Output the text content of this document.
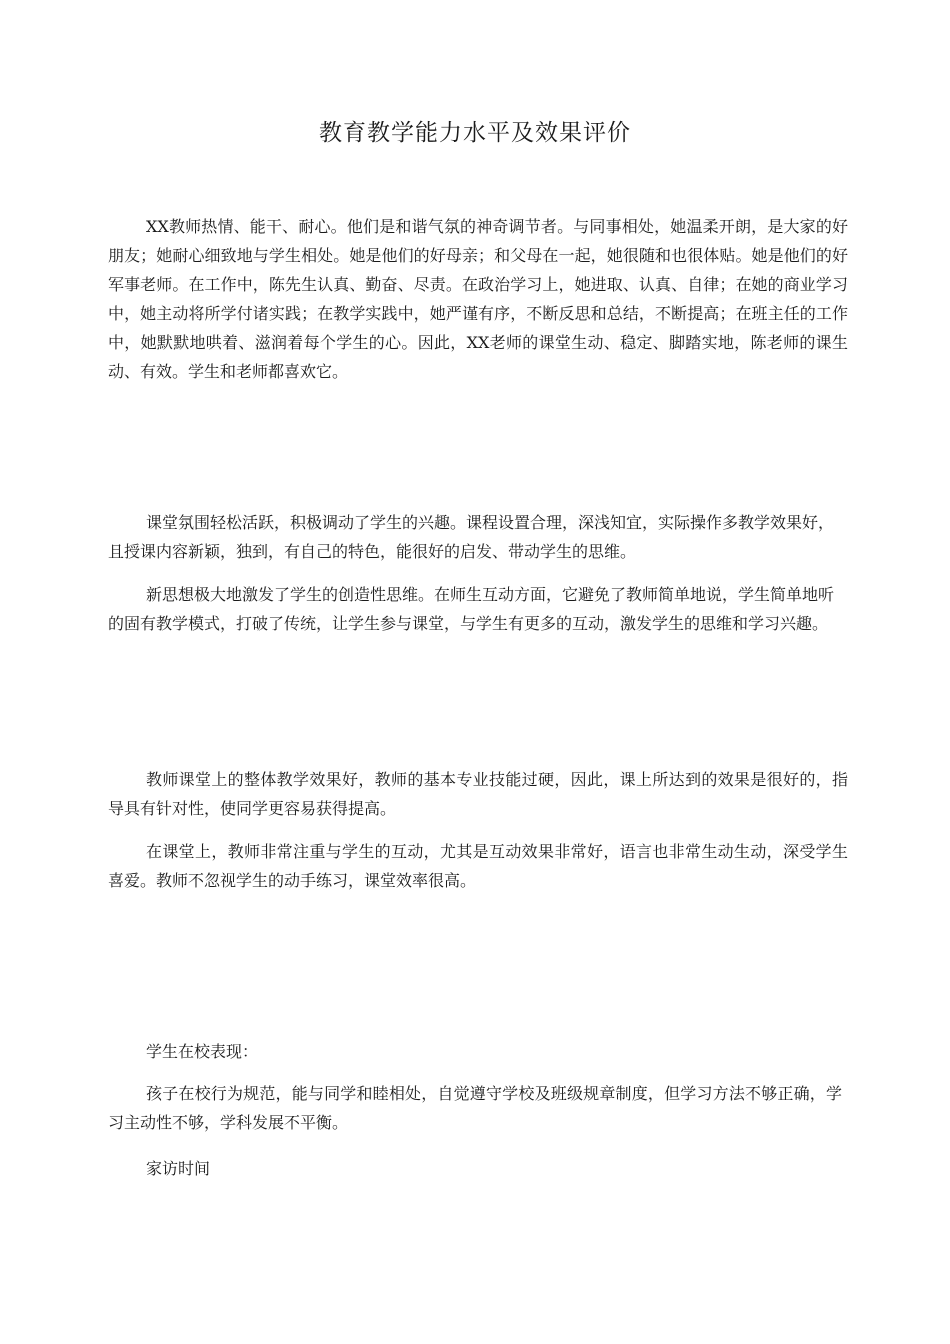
教育教学能力水平及效果评价

XX教师热情、能干、耐心。他们是和谐气氛的神奇调节者。与同事相处，她温柔开朗，是大家的好朋友；她耐心细致地与学生相处。她是他们的好母亲；和父母在一起，她很随和也很体贴。她是他们的好军事老师。在工作中，陈先生认真、勤奋、尽责。在政治学习上，她进取、认真、自律；在她的商业学习中，她主动将所学付诸实践；在教学实践中，她严谨有序，不断反思和总结，不断提高；在班主任的工作中，她默默地哄着、滋润着每个学生的心。因此，XX老师的课堂生动、稳定、脚踏实地，陈老师的课生动、有效。学生和老师都喜欢它。

课堂氛围轻松活跃，积极调动了学生的兴趣。课程设置合理，深浅知宜，实际操作多教学效果好，且授课内容新颖，独到，有自己的特色，能很好的启发、带动学生的思维。

新思想极大地激发了学生的创造性思维。在师生互动方面，它避免了教师简单地说，学生简单地听的固有教学模式，打破了传统，让学生参与课堂，与学生有更多的互动，激发学生的思维和学习兴趣。

教师课堂上的整体教学效果好，教师的基本专业技能过硬，因此，课上所达到的效果是很好的，指导具有针对性，使同学更容易获得提高。

在课堂上，教师非常注重与学生的互动，尤其是互动效果非常好，语言也非常生动生动，深受学生喜爱。教师不忽视学生的动手练习，课堂效率很高。

学生在校表现：

孩子在校行为规范，能与同学和睦相处，自觉遵守学校及班级规章制度，但学习方法不够正确，学习主动性不够，学科发展不平衡。

家访时间
